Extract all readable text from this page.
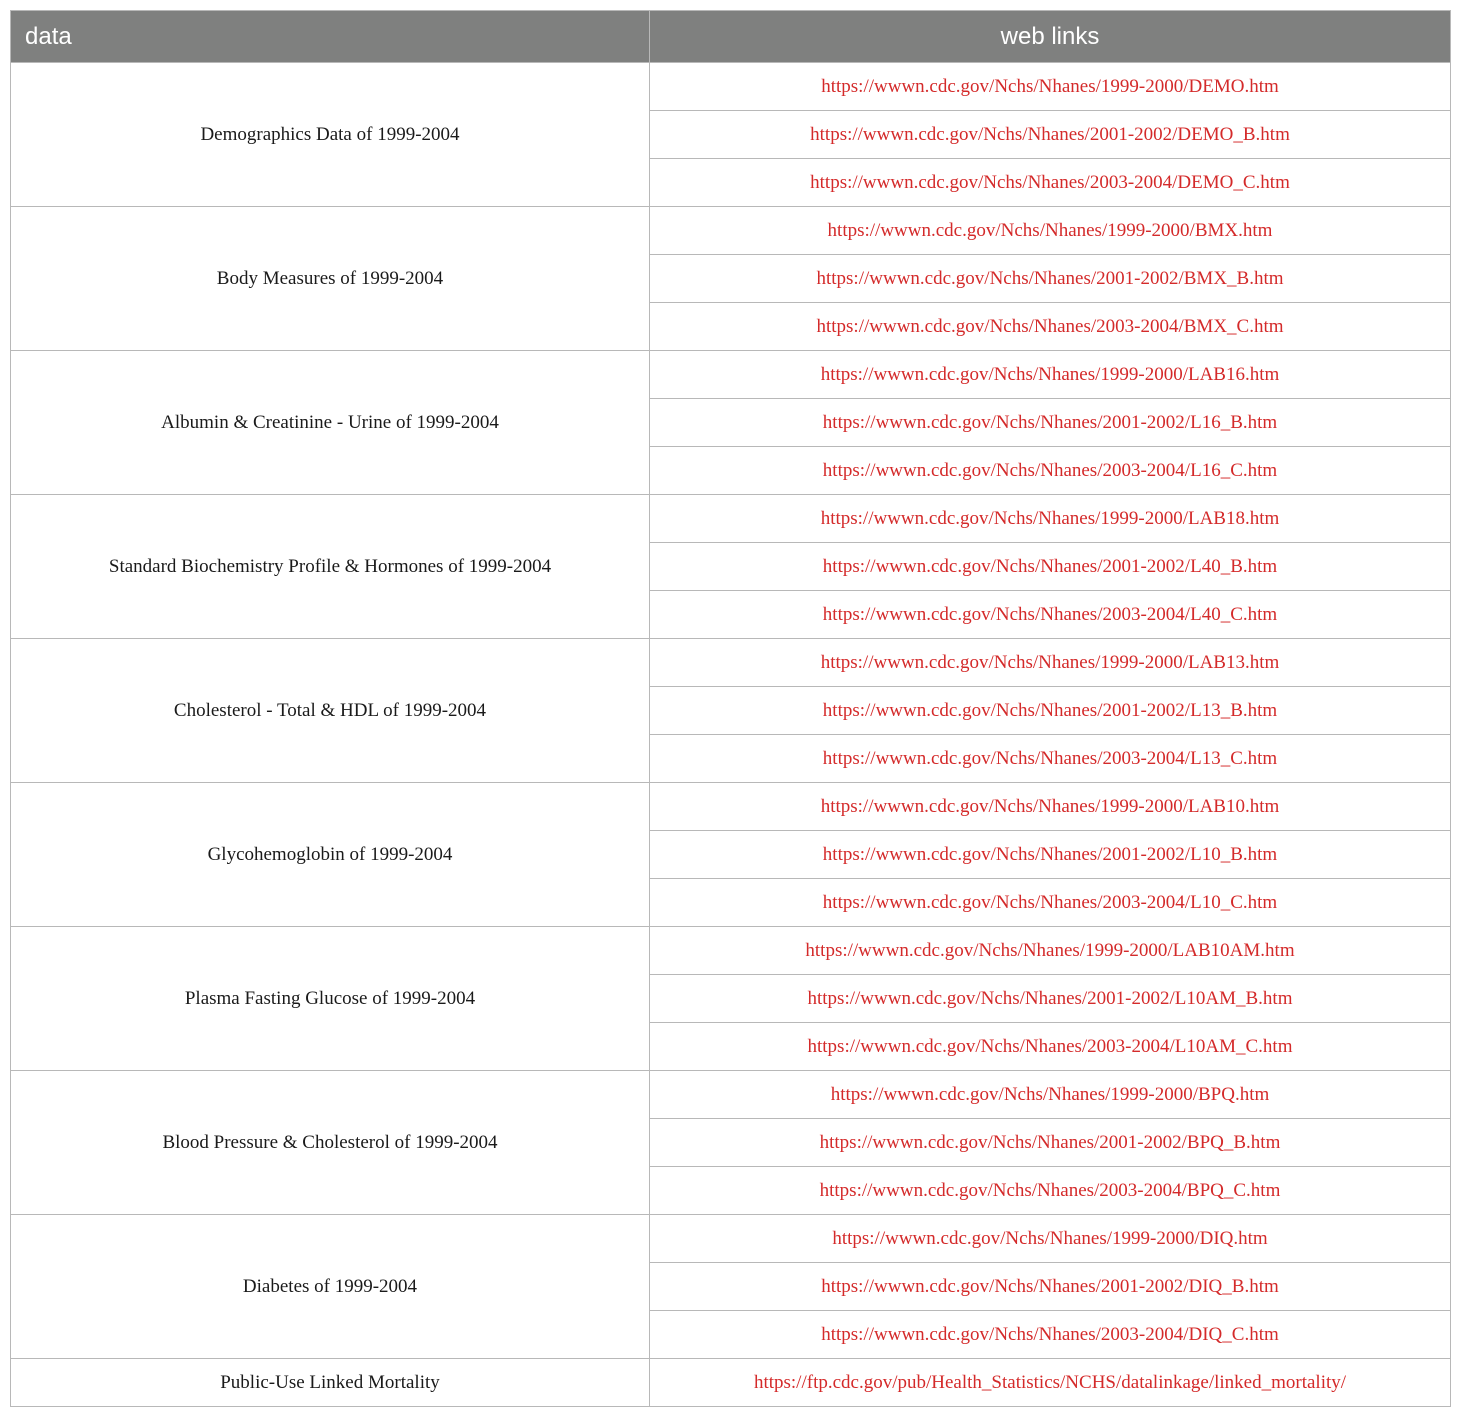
data	web links
Demographics Data of 1999-2004	https://wwwn.cdc.gov/Nchs/Nhanes/1999-2000/DEMO.htm
	https://wwwn.cdc.gov/Nchs/Nhanes/2001-2002/DEMO_B.htm
	https://wwwn.cdc.gov/Nchs/Nhanes/2003-2004/DEMO_C.htm
Body Measures of 1999-2004	https://wwwn.cdc.gov/Nchs/Nhanes/1999-2000/BMX.htm
	https://wwwn.cdc.gov/Nchs/Nhanes/2001-2002/BMX_B.htm
	https://wwwn.cdc.gov/Nchs/Nhanes/2003-2004/BMX_C.htm
Albumin & Creatinine - Urine of 1999-2004	https://wwwn.cdc.gov/Nchs/Nhanes/1999-2000/LAB16.htm
	https://wwwn.cdc.gov/Nchs/Nhanes/2001-2002/L16_B.htm
	https://wwwn.cdc.gov/Nchs/Nhanes/2003-2004/L16_C.htm
Standard Biochemistry Profile & Hormones of 1999-2004	https://wwwn.cdc.gov/Nchs/Nhanes/1999-2000/LAB18.htm
	https://wwwn.cdc.gov/Nchs/Nhanes/2001-2002/L40_B.htm
	https://wwwn.cdc.gov/Nchs/Nhanes/2003-2004/L40_C.htm
Cholesterol - Total & HDL of 1999-2004	https://wwwn.cdc.gov/Nchs/Nhanes/1999-2000/LAB13.htm
	https://wwwn.cdc.gov/Nchs/Nhanes/2001-2002/L13_B.htm
	https://wwwn.cdc.gov/Nchs/Nhanes/2003-2004/L13_C.htm
Glycohemoglobin of 1999-2004	https://wwwn.cdc.gov/Nchs/Nhanes/1999-2000/LAB10.htm
	https://wwwn.cdc.gov/Nchs/Nhanes/2001-2002/L10_B.htm
	https://wwwn.cdc.gov/Nchs/Nhanes/2003-2004/L10_C.htm
Plasma Fasting Glucose of 1999-2004	https://wwwn.cdc.gov/Nchs/Nhanes/1999-2000/LAB10AM.htm
	https://wwwn.cdc.gov/Nchs/Nhanes/2001-2002/L10AM_B.htm
	https://wwwn.cdc.gov/Nchs/Nhanes/2003-2004/L10AM_C.htm
Blood Pressure & Cholesterol of 1999-2004	https://wwwn.cdc.gov/Nchs/Nhanes/1999-2000/BPQ.htm
	https://wwwn.cdc.gov/Nchs/Nhanes/2001-2002/BPQ_B.htm
	https://wwwn.cdc.gov/Nchs/Nhanes/2003-2004/BPQ_C.htm
Diabetes of 1999-2004	https://wwwn.cdc.gov/Nchs/Nhanes/1999-2000/DIQ.htm
	https://wwwn.cdc.gov/Nchs/Nhanes/2001-2002/DIQ_B.htm
	https://wwwn.cdc.gov/Nchs/Nhanes/2003-2004/DIQ_C.htm
Public-Use Linked Mortality	https://ftp.cdc.gov/pub/Health_Statistics/NCHS/datalinkage/linked_mortality/
